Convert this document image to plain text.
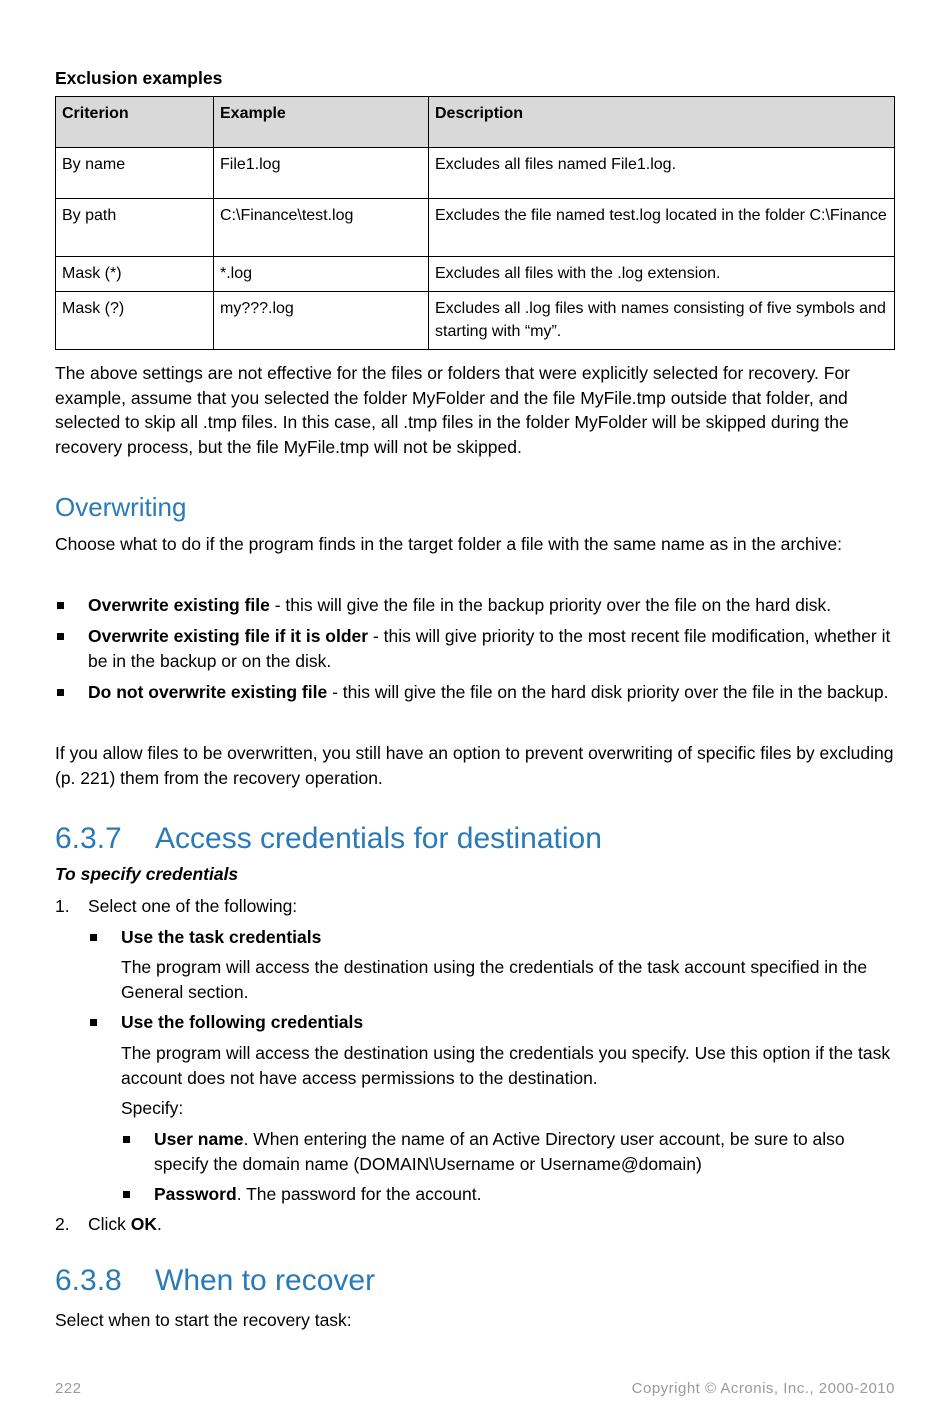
Exclusion examples
Criterion	Example	Description
By name	File1.log	Excludes all files named File1.log.
By path	C:\Finance\test.log	Excludes the file named test.log located in the folder C:\Finance
Mask (*)	*.log	Excludes all files with the .log extension.
Mask (?)	my???.log	Excludes all .log files with names consisting of five symbols and starting with “my”.

The above settings are not effective for the files or folders that were explicitly selected for recovery. For example, assume that you selected the folder MyFolder and the file MyFile.tmp outside that folder, and selected to skip all .tmp files. In this case, all .tmp files in the folder MyFolder will be skipped during the recovery process, but the file MyFile.tmp will not be skipped.

Overwriting

Choose what to do if the program finds in the target folder a file with the same name as in the archive:

Overwrite existing file - this will give the file in the backup priority over the file on the hard disk.
Overwrite existing file if it is older - this will give priority to the most recent file modification, whether it be in the backup or on the disk.
Do not overwrite existing file - this will give the file on the hard disk priority over the file in the backup.

If you allow files to be overwritten, you still have an option to prevent overwriting of specific files by excluding (p. 221) them from the recovery operation.

6.3.7 Access credentials for destination
To specify credentials
1. Select one of the following:
Use the task credentials

The program will access the destination using the credentials of the task account specified in the General section.

Use the following credentials

The program will access the destination using the credentials you specify. Use this option if the task account does not have access permissions to the destination.

Specify:
User name. When entering the name of an Active Directory user account, be sure to also specify the domain name (DOMAIN\Username or Username@domain)
Password. The password for the account.
2. Click OK.
6.3.8 When to recover

Select when to start the recovery task:

222	Copyright © Acronis, Inc., 2000-2010
